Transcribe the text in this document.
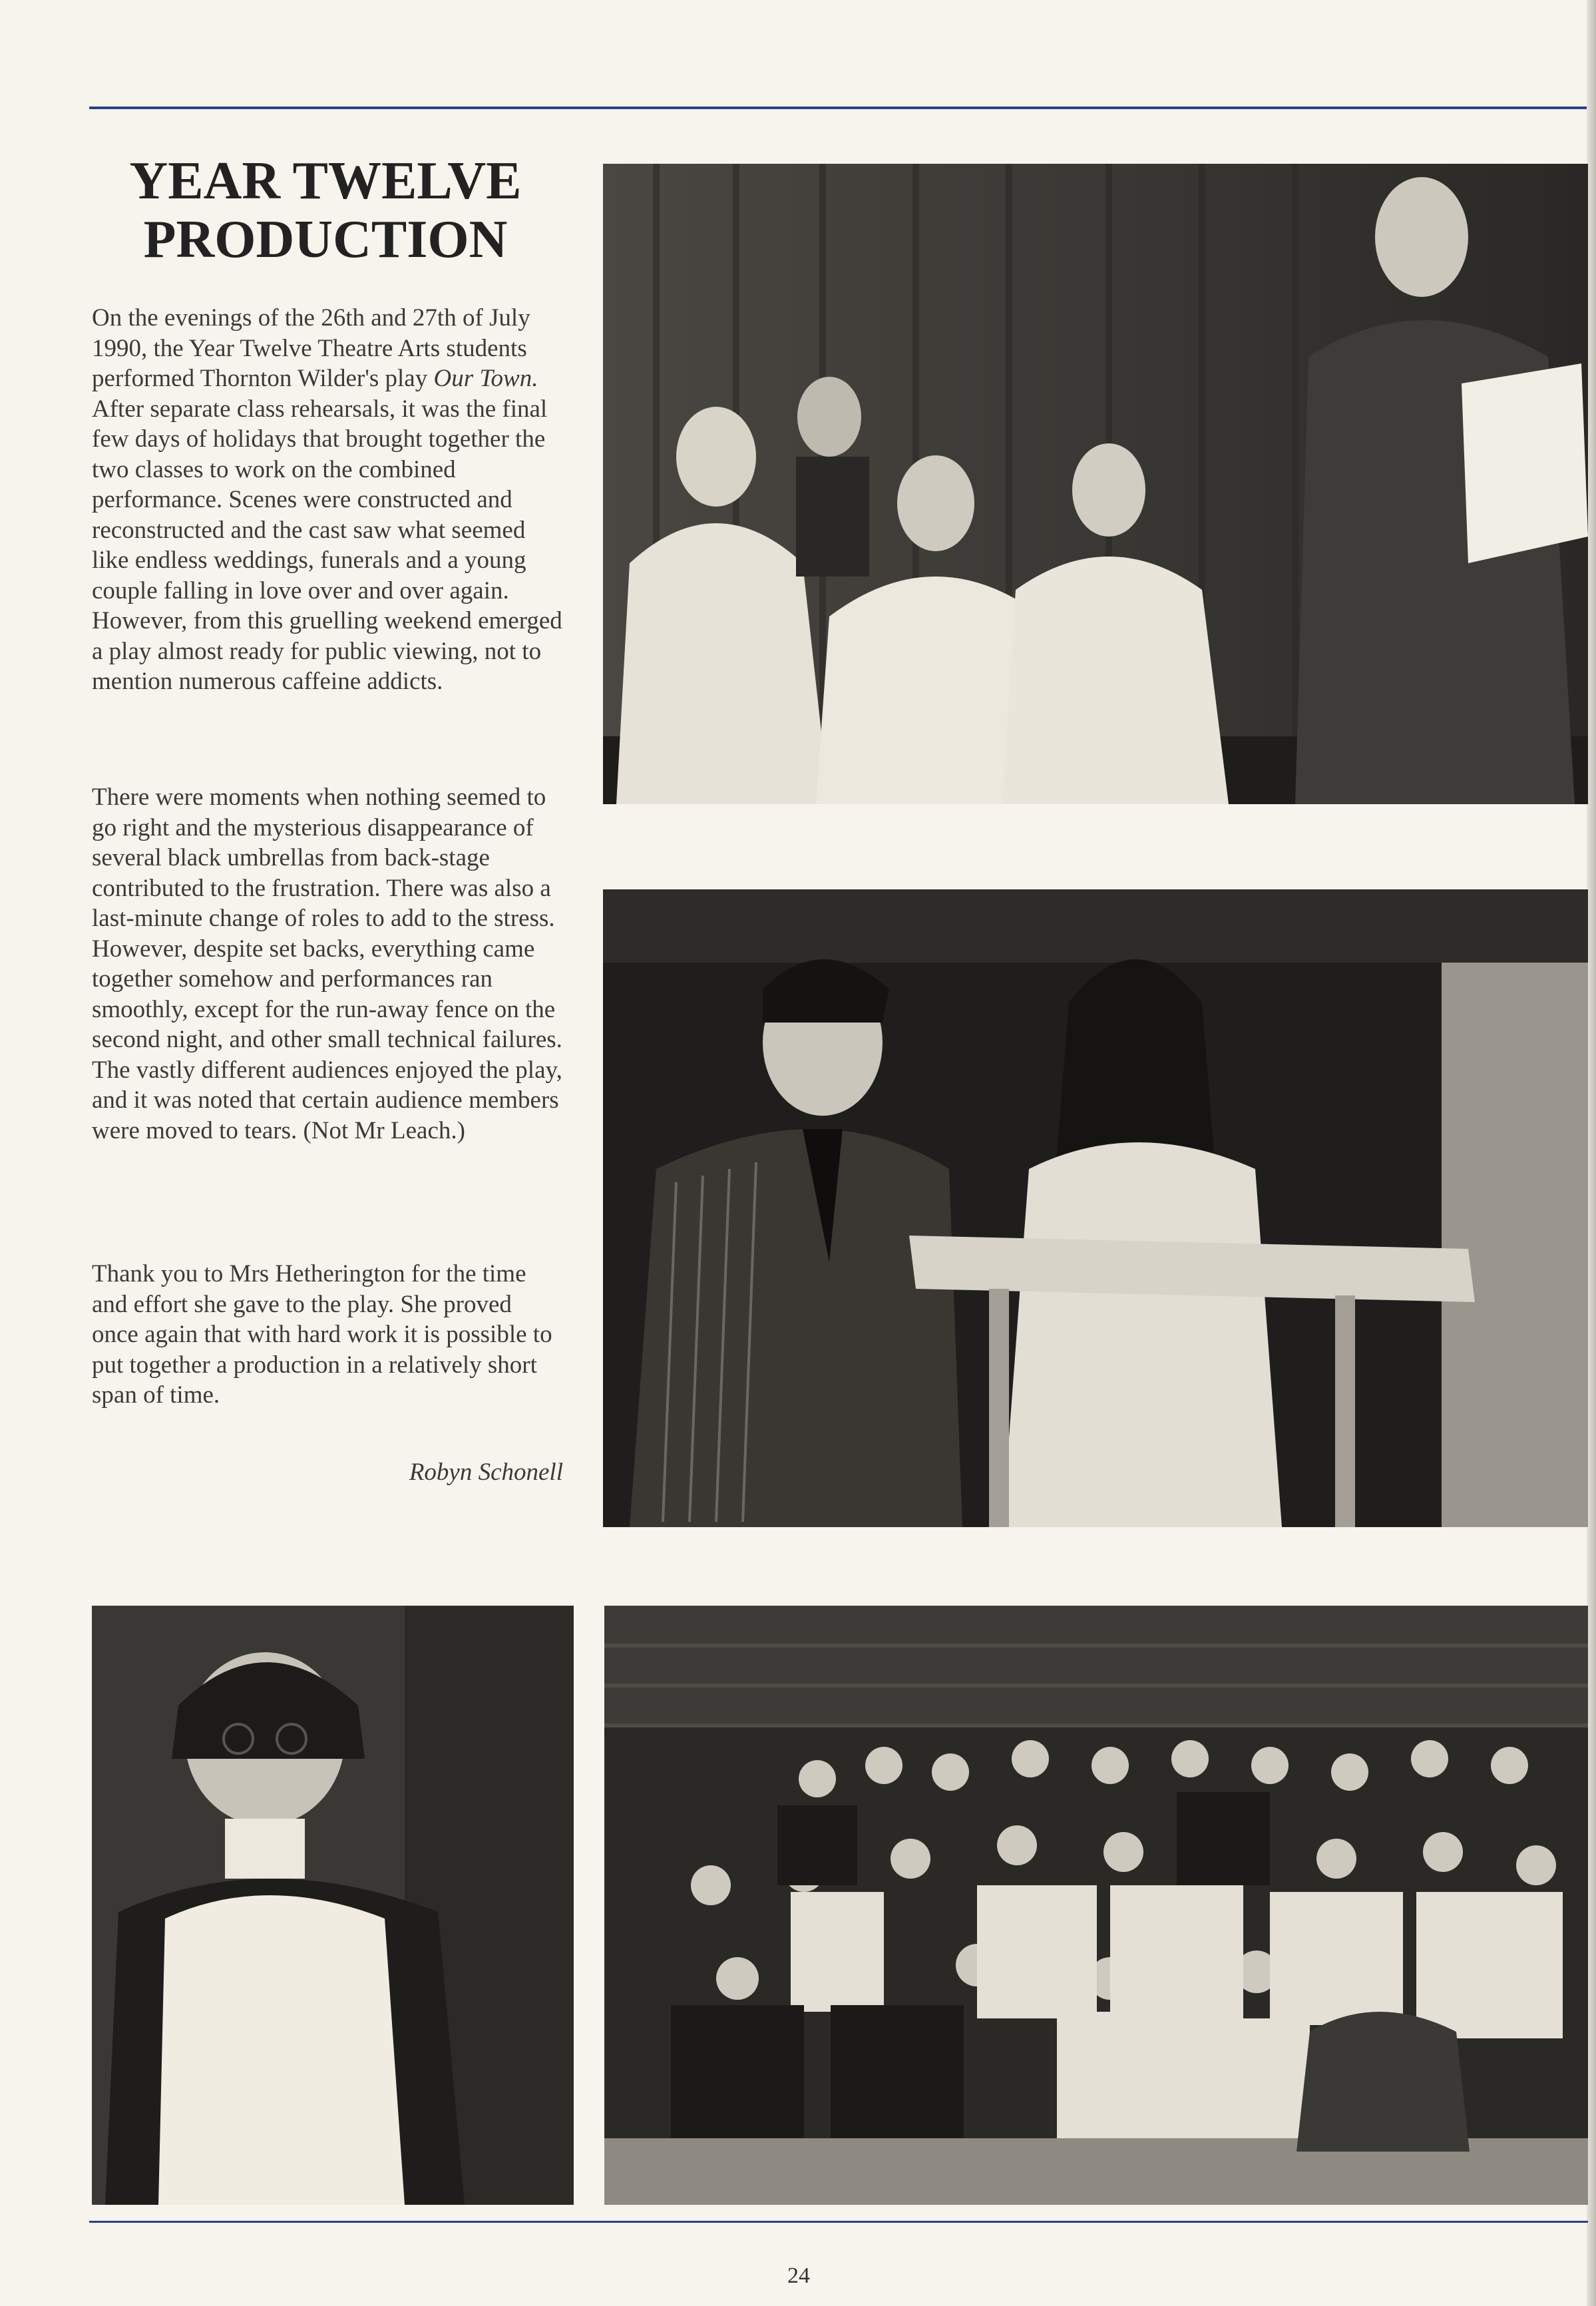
YEAR TWELVE PRODUCTION
On the evenings of the 26th and 27th of July 1990, the Year Twelve Theatre Arts students performed Thornton Wilder's play Our Town. After separate class rehearsals, it was the final few days of holidays that brought together the two classes to work on the combined performance. Scenes were constructed and reconstructed and the cast saw what seemed like endless weddings, funerals and a young couple falling in love over and over again. However, from this gruelling weekend emerged a play almost ready for public viewing, not to mention numerous caffeine addicts.
There were moments when nothing seemed to go right and the mysterious disappearance of several black umbrellas from back-stage contributed to the frustration. There was also a last-minute change of roles to add to the stress. However, despite set backs, everything came together somehow and performances ran smoothly, except for the run-away fence on the second night, and other small technical failures. The vastly different audiences enjoyed the play, and it was noted that certain audience members were moved to tears. (Not Mr Leach.)
Thank you to Mrs Hetherington for the time and effort she gave to the play. She proved once again that with hard work it is possible to put together a production in a relatively short span of time.
Robyn Schonell
24
